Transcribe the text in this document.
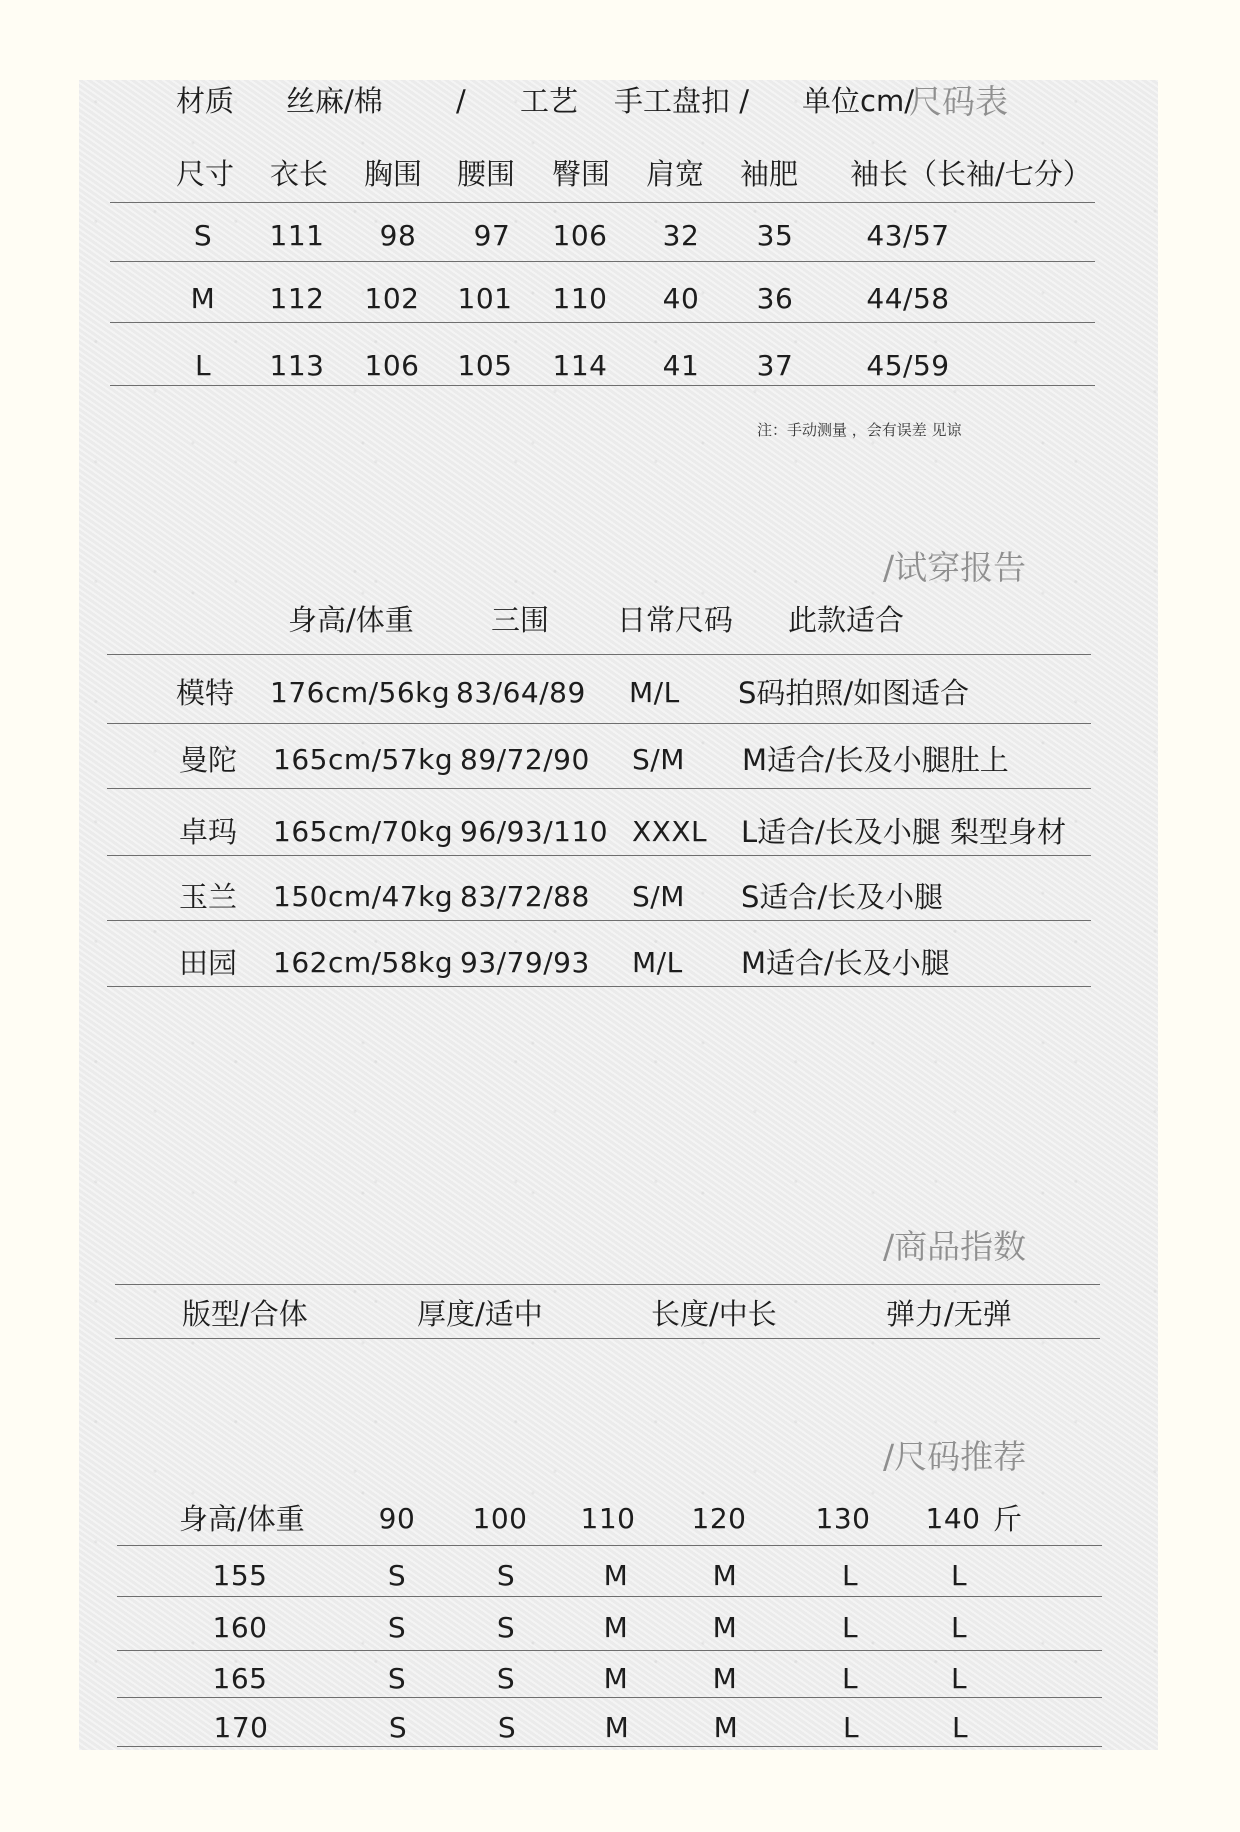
材质 丝麻/棉	/ 工艺 手工盘扣 / 单位cm/
尺码表
尺寸 衣长 胸围 腰围 臀围 肩宽 袖肥 袖长（长袖/七分）
S 111 98 97 106 32 35	43/57
M 112 102 101 110 40 36	44/58
L 113 106 105 114 41 37	45/59
注：手动测量 ，会有误差 见谅
/试穿报告
身高/体重	三围 日常尺码 此款适合
模特 176cm/56kg 83/64/89 M/L S码拍照/如图适合
曼陀 165cm/57kg 89/72/90 S/M M适合/长及小腿肚上
卓玛 165cm/70kg 96/93/110 XXXL L适合/长及小腿 梨型身材
玉兰 150cm/47kg 83/72/88 S/M S适合/长及小腿
田园 162cm/58kg 93/79/93 M/L M适合/长及小腿
/商品指数
版型/合体	厚度/适中	长度/中长	弹力/无弹
/尺码推荐
身高/体重	90 100 110 120 130 140 斤
155	S	S	M	M	L	L
160	S	S	M	M	L	L
165	S	S	M	M	L	L
170	S	S	M	M	L	L
